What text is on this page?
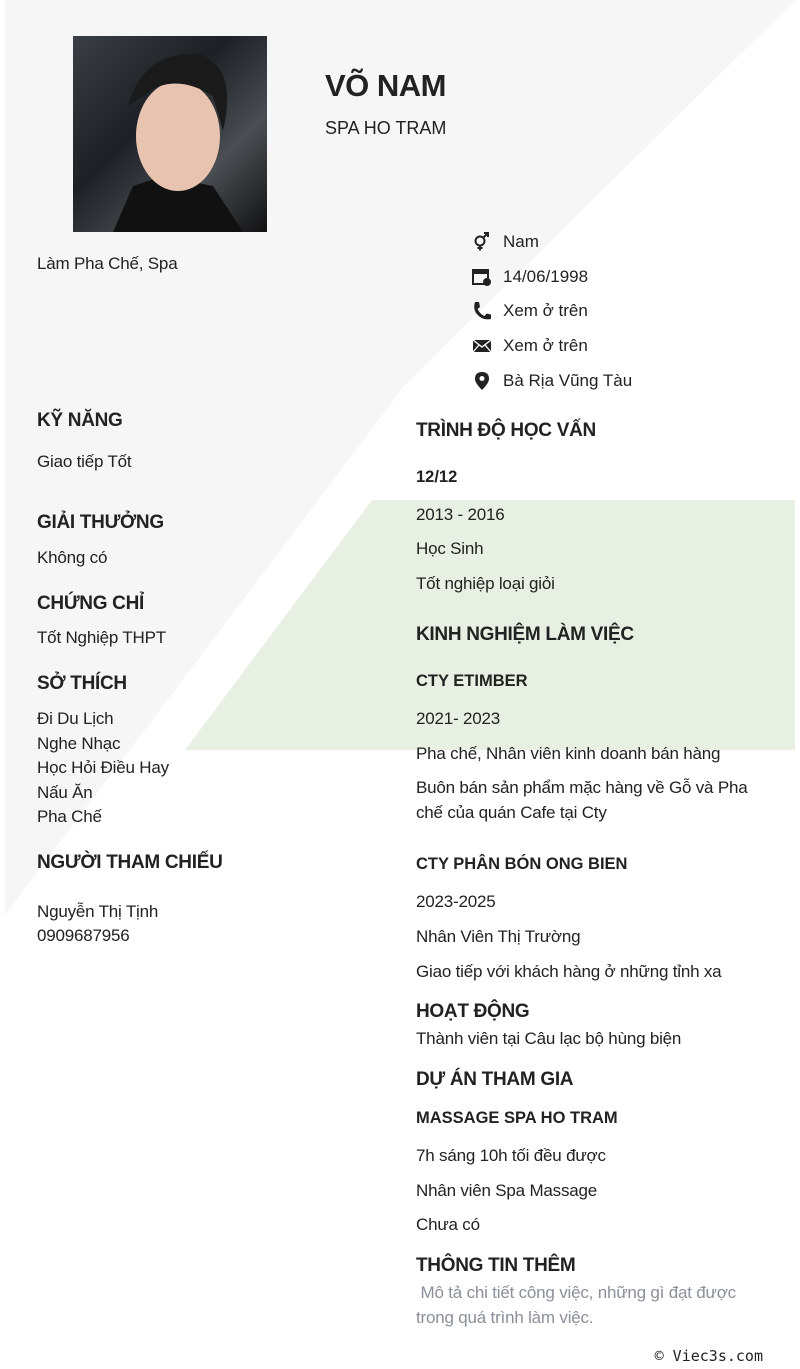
VÕ NAM
SPA HO TRAM
Làm Pha Chế, Spa
Nam
14/06/1998
Xem ở trên
Xem ở trên
Bà Rịa Vũng Tàu
KỸ NĂNG
Giao tiếp Tốt
GIẢI THƯỞNG
Không có
CHỨNG CHỈ
Tốt Nghiệp THPT
SỞ THÍCH
Đi Du Lịch
Nghe Nhạc
Học Hỏi Điều Hay
Nấu Ăn
Pha Chế
NGƯỜI THAM CHIẾU
Nguyễn Thị Tịnh
0909687956
TRÌNH ĐỘ HỌC VẤN
12/12
2013 - 2016
Học Sinh
Tốt nghiệp loại giỏi
KINH NGHIỆM LÀM VIỆC
CTY ETIMBER
2021- 2023
Pha chế, Nhân viên kinh doanh bán hàng
Buôn bán sản phẩm mặc hàng về Gỗ và Pha chế của quán Cafe tại Cty
CTY PHÂN BÓN ONG BIEN
2023-2025
Nhân Viên Thị Trường
Giao tiếp với khách hàng ở những tỉnh xa
HOẠT ĐỘNG
Thành viên tại Câu lạc bộ hùng biện
DỰ ÁN THAM GIA
MASSAGE SPA HO TRAM
7h sáng 10h tối đều được
Nhân viên Spa Massage
Chưa có
THÔNG TIN THÊM
Mô tả chi tiết công việc, những gì đạt được trong quá trình làm việc.
© Viec3s.com
